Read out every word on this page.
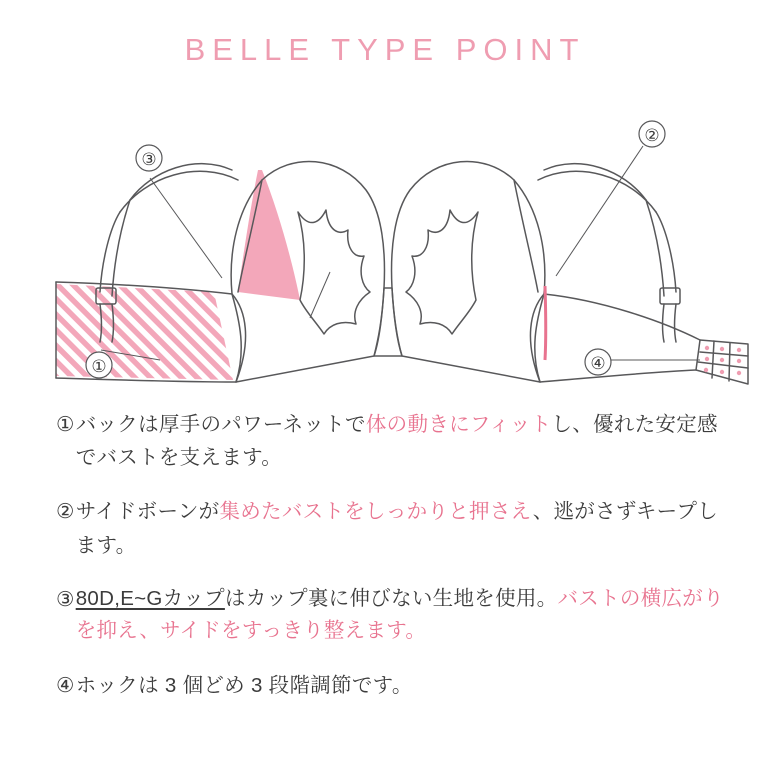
BELLE TYPE POINT
③
②
①	④
① バックは厚手のパワーネットで体の動きにフィットし、優れた安定感でバストを支えます。
② サイドボーンが集めたバストをしっかりと押さえ、逃がさずキープします。
③ 80D,E~Gカップはカップ裏に伸びない生地を使用。バストの横広がりを抑え、サイドをすっきり整えます。
④ ホックは 3 個どめ 3 段階調節です。
